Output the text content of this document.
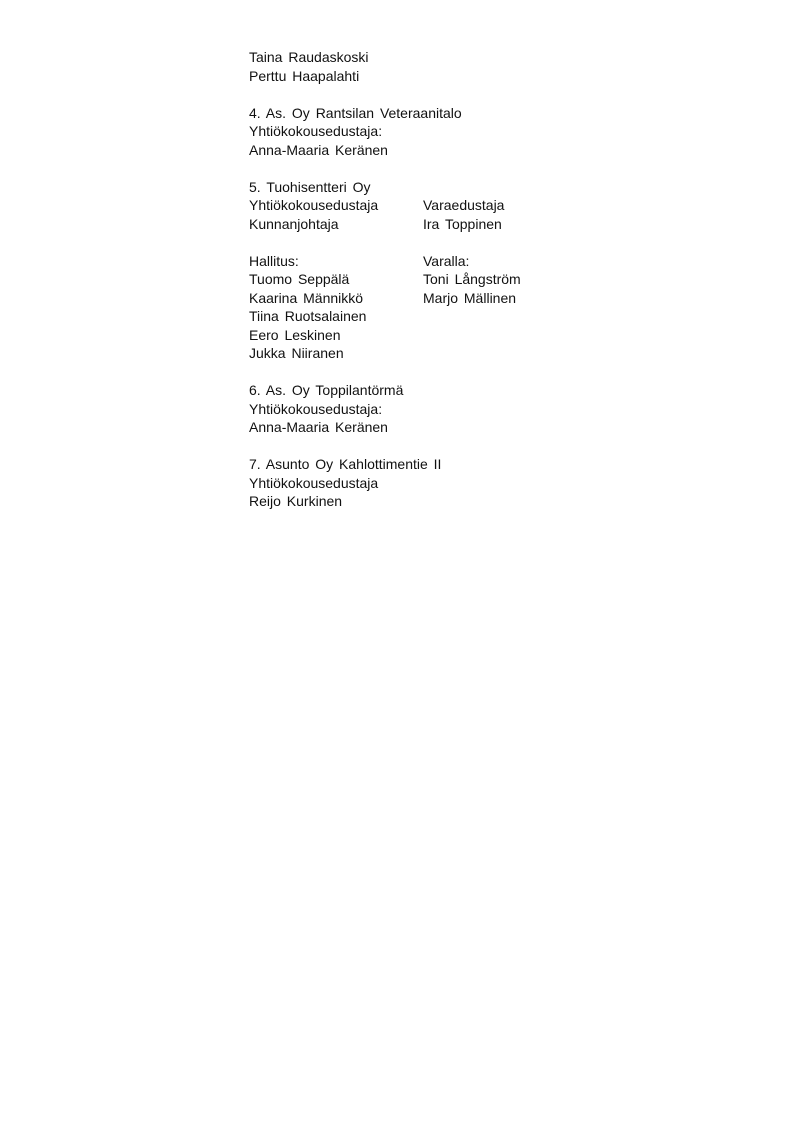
Taina Raudaskoski
Perttu Haapalahti
4. As. Oy Rantsilan Veteraanitalo
Yhtiökokousedustaja:
Anna-Maaria Keränen
5. Tuohisentteri Oy
Yhtiökokousedustaja	Varaedustaja
Kunnanjohtaja	Ira Toppinen
Hallitus:	Varalla:
Tuomo Seppälä	Toni Långström
Kaarina Männikkö	Marjo Mällinen
Tiina Ruotsalainen
Eero Leskinen
Jukka Niiranen
6. As. Oy Toppilantörmä
Yhtiökokousedustaja:
Anna-Maaria Keränen
7. Asunto Oy Kahlottimentie II
Yhtiökokousedustaja
Reijo Kurkinen
